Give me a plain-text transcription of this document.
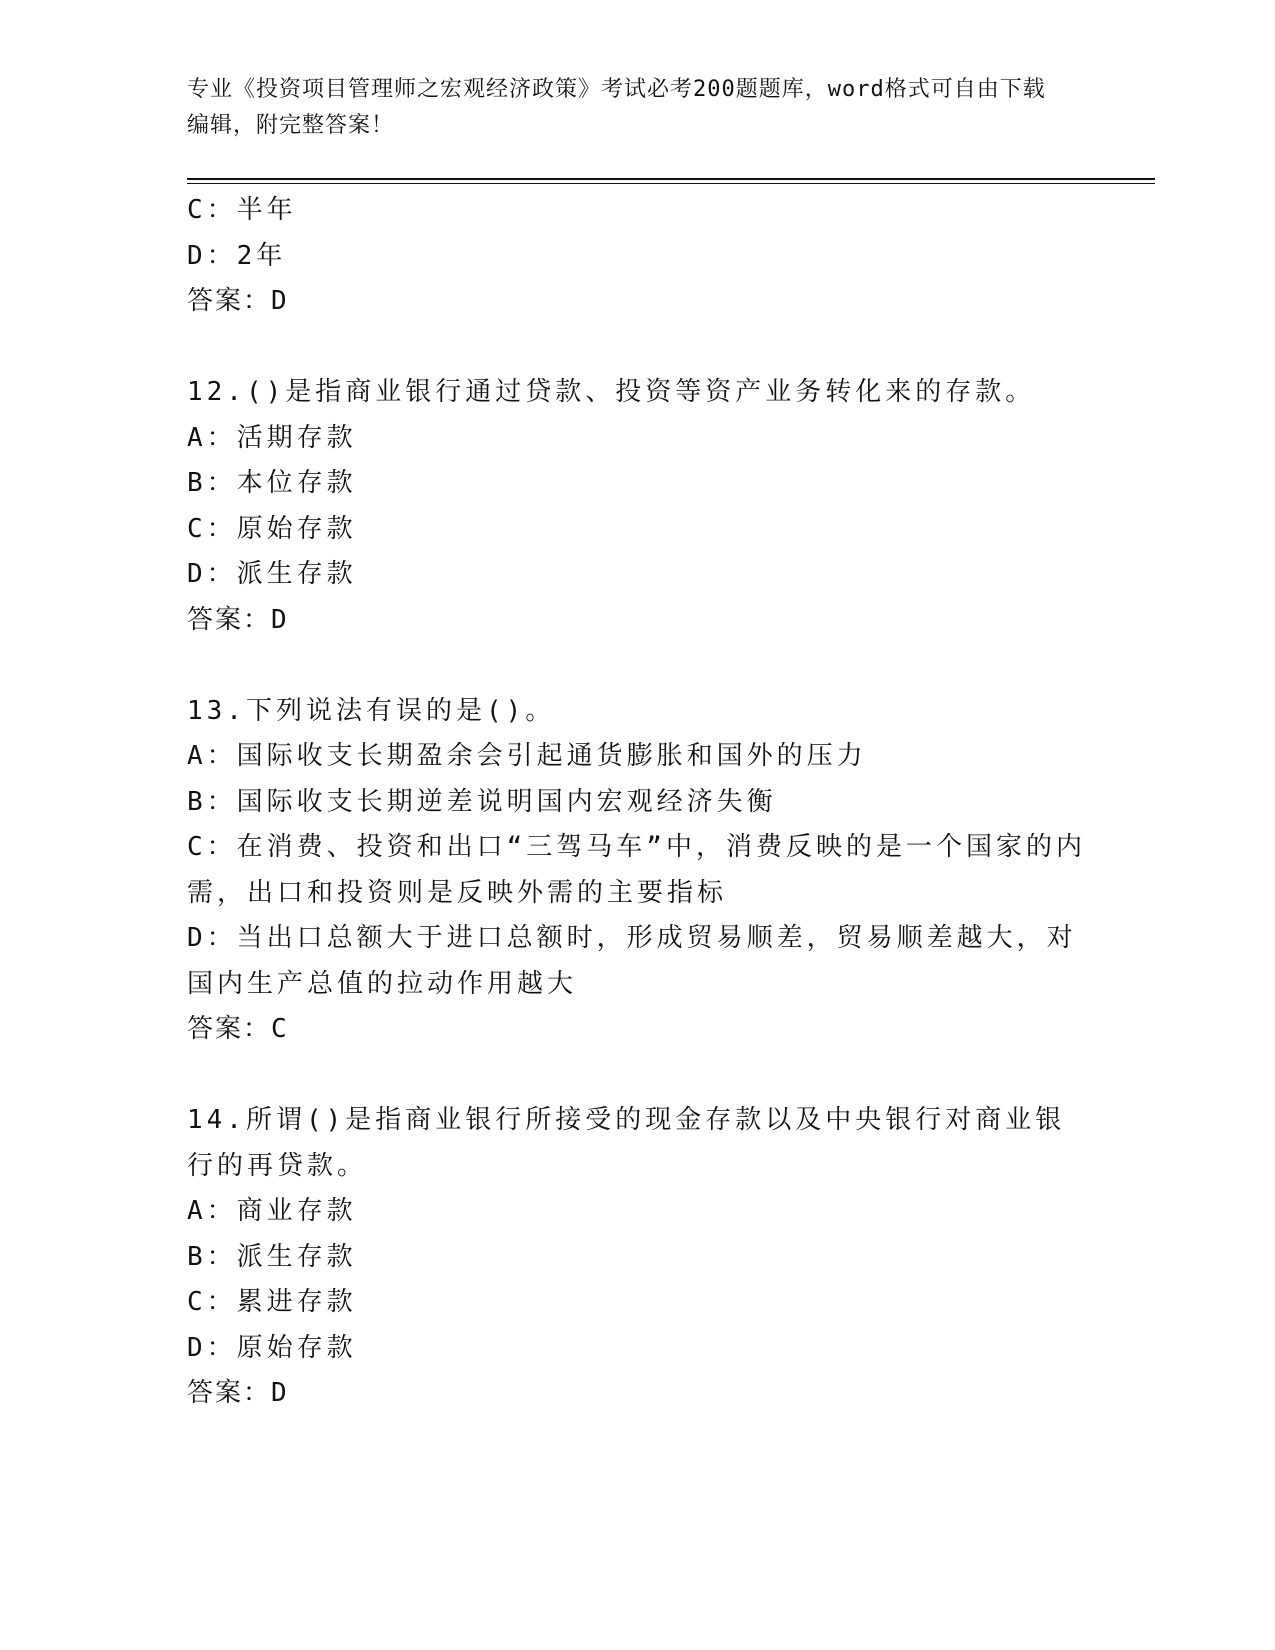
专业《投资项目管理师之宏观经济政策》考试必考200题题库，word格式可自由下载编辑，附完整答案！
C：半年
D：2年
答案：D
12.()是指商业银行通过贷款、投资等资产业务转化来的存款。
A：活期存款
B：本位存款
C：原始存款
D：派生存款
答案：D
13.下列说法有误的是()。
A：国际收支长期盈余会引起通货膨胀和国外的压力
B：国际收支长期逆差说明国内宏观经济失衡
C：在消费、投资和出口“三驾马车”中，消费反映的是一个国家的内需，出口和投资则是反映外需的主要指标
D：当出口总额大于进口总额时，形成贸易顺差，贸易顺差越大，对国内生产总值的拉动作用越大
答案：C
14.所谓()是指商业银行所接受的现金存款以及中央银行对商业银行的再贷款。
A：商业存款
B：派生存款
C：累进存款
D：原始存款
答案：D
